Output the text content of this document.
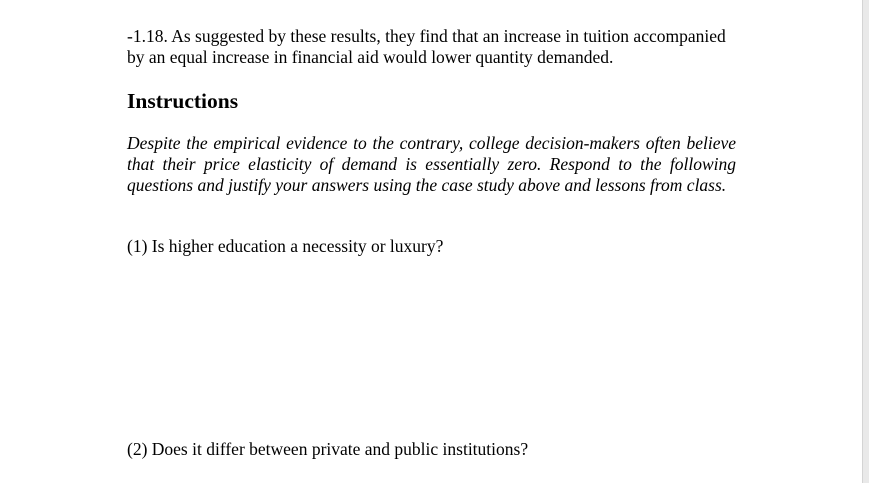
-1.18. As suggested by these results, they find that an increase in tuition accompanied by an equal increase in financial aid would lower quantity demanded.

Instructions

Despite the empirical evidence to the contrary, college decision-makers often believe that their price elasticity of demand is essentially zero. Respond to the following questions and justify your answers using the case study above and lessons from class.

(1) Is higher education a necessity or luxury?

(2) Does it differ between private and public institutions?
